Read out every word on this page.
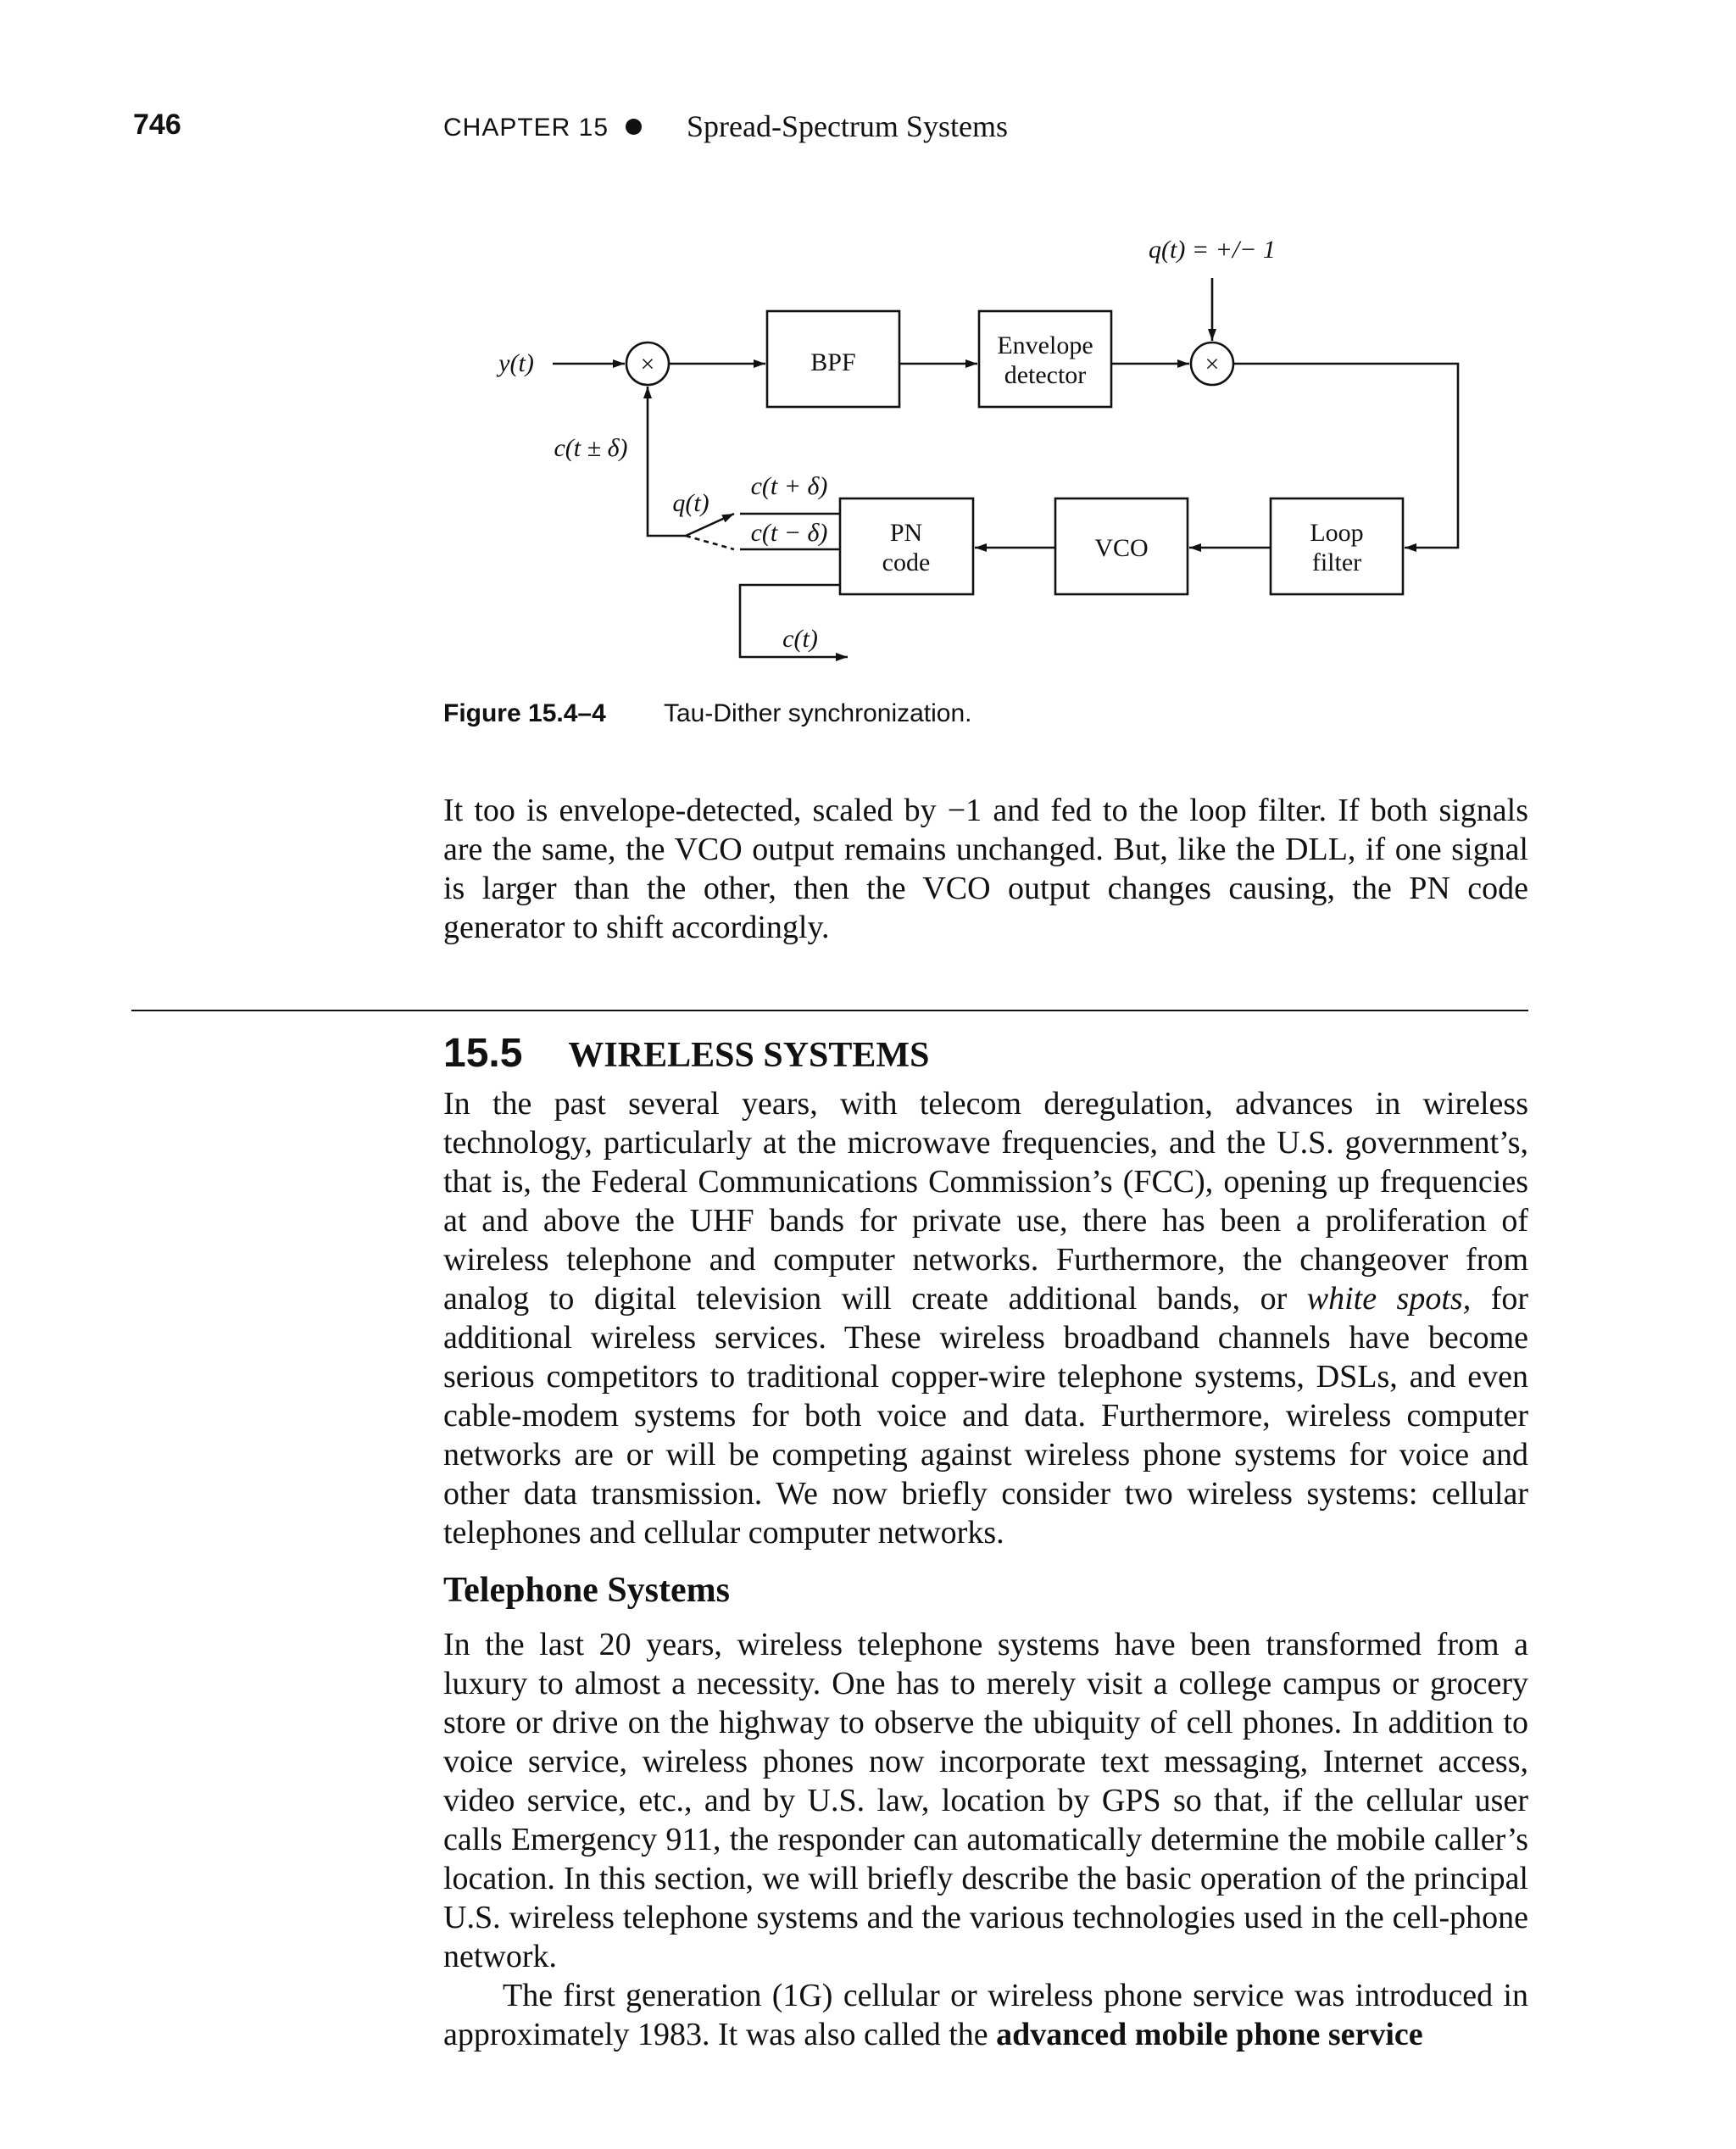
746	CHAPTER 15	Spread-Spectrum Systems
×	×
BPF
Envelope
detector
PN
code
VCO
Loop
filter
y(t)
q(t) = +/− 1
c(t ± δ)
q(t)
c(t + δ)
c(t − δ)
c(t)
Figure 15.4–4 Tau-Dither synchronization.

It too is envelope-detected, scaled by −1 and fed to the loop filter. If both signals are the same, the VCO output remains unchanged. But, like the DLL, if one signal is larger than the other, then the VCO output changes causing, the PN code generator to shift accordingly.

15.5 WIRELESS SYSTEMS

In the past several years, with telecom deregulation, advances in wireless technology, particularly at the microwave frequencies, and the U.S. government’s, that is, the Federal Communications Commission’s (FCC), opening up frequencies at and above the UHF bands for private use, there has been a proliferation of wireless telephone and computer networks. Furthermore, the changeover from analog to digital television will create additional bands, or white spots, for additional wireless services. These wireless broadband channels have become serious competitors to traditional copper-wire telephone systems, DSLs, and even cable-modem systems for both voice and data. Furthermore, wireless computer networks are or will be competing against wireless phone systems for voice and other data transmission. We now briefly consider two wireless systems: cellular telephones and cellular computer networks.

Telephone Systems

In the last 20 years, wireless telephone systems have been transformed from a luxury to almost a necessity. One has to merely visit a college campus or grocery store or drive on the highway to observe the ubiquity of cell phones. In addition to voice service, wireless phones now incorporate text messaging, Internet access, video service, etc., and by U.S. law, location by GPS so that, if the cellular user calls Emergency 911, the responder can automatically determine the mobile caller’s location. In this section, we will briefly describe the basic operation of the principal U.S. wireless telephone systems and the various technologies used in the cell-phone network.
The first generation (1G) cellular or wireless phone service was introduced in approximately 1983. It was also called the advanced mobile phone service
